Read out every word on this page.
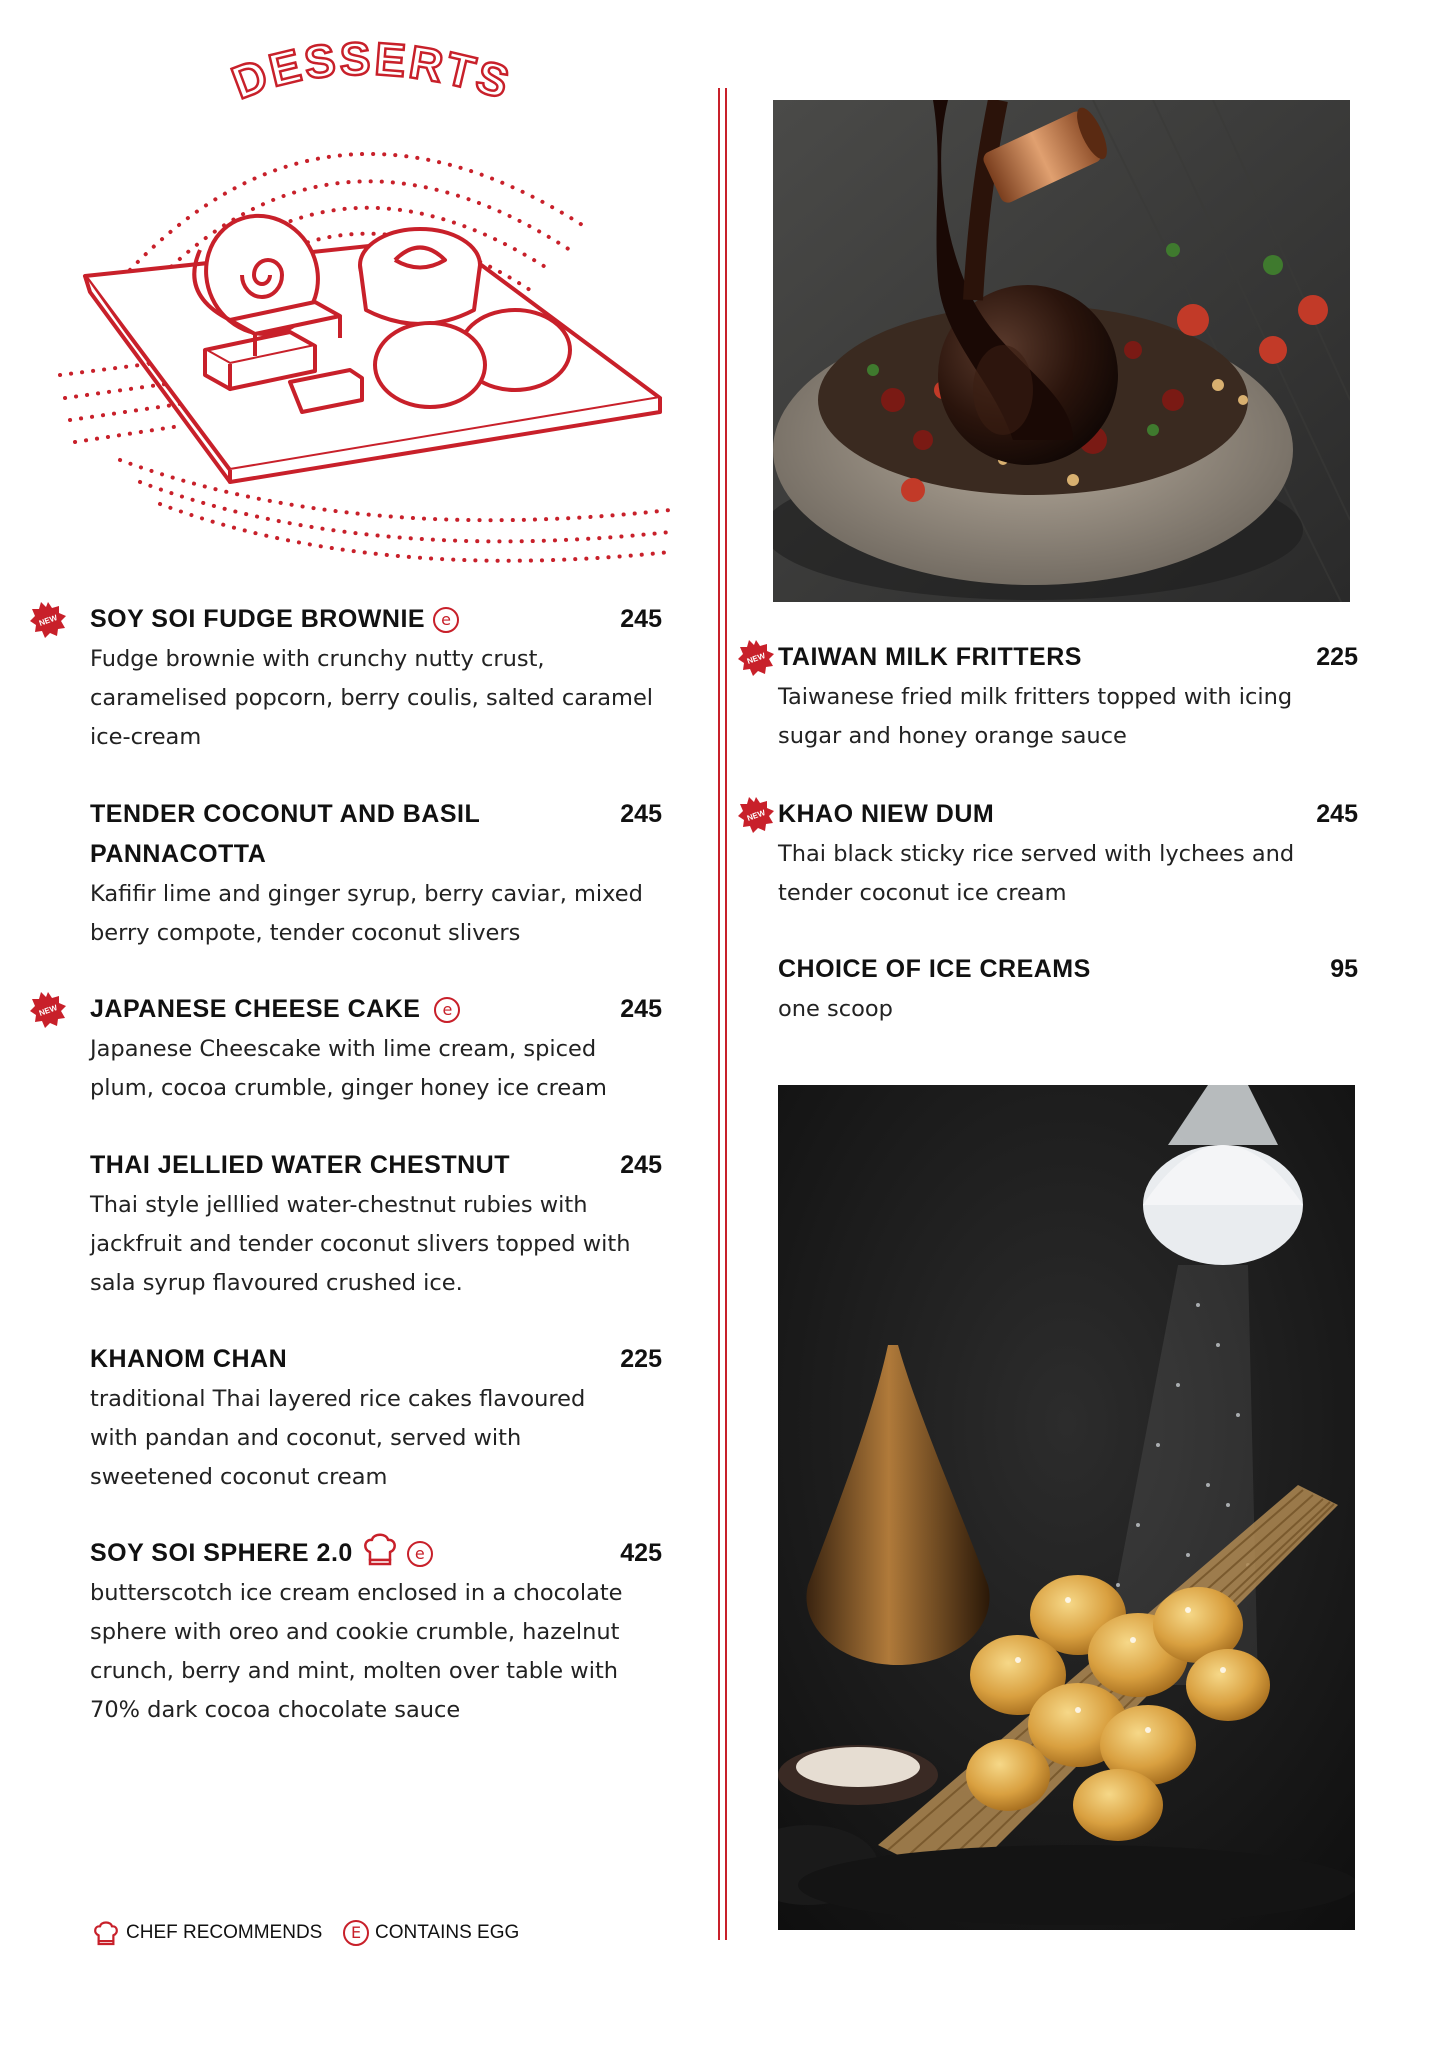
DESSERTS
NEW SOY SOI FUDGE BROWNIE e	245
Fudge brownie with crunchy nutty crust,
caramelised popcorn, berry coulis, salted caramel
ice-cream
TENDER COCONUT AND BASIL	245
PANNACOTTA
Kafifir lime and ginger syrup, berry caviar, mixed
berry compote, tender coconut slivers
NEW JAPANESE CHEESE CAKE e	245
Japanese Cheescake with lime cream, spiced
plum, cocoa crumble, ginger honey ice cream
THAI JELLIED WATER CHESTNUT	245
Thai style jelllied water-chestnut rubies with
jackfruit and tender coconut slivers topped with
sala syrup flavoured crushed ice.
KHANOM CHAN	225
traditional Thai layered rice cakes flavoured
with pandan and coconut, served with
sweetened coconut cream
SOY SOI SPHERE 2.0	e	425
butterscotch ice cream enclosed in a chocolate
sphere with oreo and cookie crumble, hazelnut
crunch, berry and mint, molten over table with
70% dark cocoa chocolate sauce
NEW TAIWAN MILK FRITTERS	225
Taiwanese fried milk fritters topped with icing
sugar and honey orange sauce
NEW KHAO NIEW DUM	245
Thai black sticky rice served with lychees and
tender coconut ice cream
CHOICE OF ICE CREAMS	95
one scoop
CHEF RECOMMENDS	E CONTAINS EGG
